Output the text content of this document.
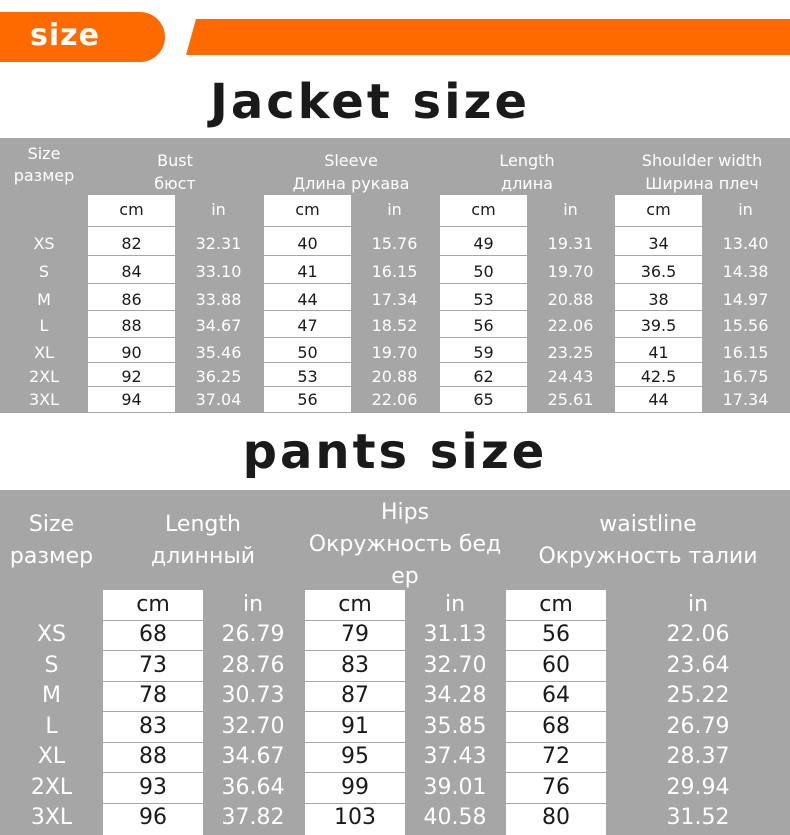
size
Jacket size
Size
размер
Bust
бюст
cm	in
Sleeve
Длина рукава
cm	in
Length
длина
cm	in
Shoulder width
Ширина плеч
cm	in
XS	82	32.31	40	15.76	49	19.31	34	13.40
S	84	33.10	41	16.15	50	19.70	36.5	14.38
M	86	33.88	44	17.34	53	20.88	38	14.97
L	88	34.67	47	18.52	56	22.06	39.5	15.56
XL	90	35.46	50	19.70	59	23.25	41	16.15
2XL	92	36.25	53	20.88	62	24.43	42.5	16.75
3XL	94	37.04	56	22.06	65	25.61	44	17.34
pants size
Size
размер
Length
длинный
cm	in
Hips
Окружность бед
ер
cm	in
waistline
Окружность талии
cm	in
XS	68	26.79	79	31.13	56	22.06
S	73	28.76	83	32.70	60	23.64
M	78	30.73	87	34.28	64	25.22
L	83	32.70	91	35.85	68	26.79
XL	88	34.67	95	37.43	72	28.37
2XL	93	36.64	99	39.01	76	29.94
3XL	96	37.82	103	40.58	80	31.52
